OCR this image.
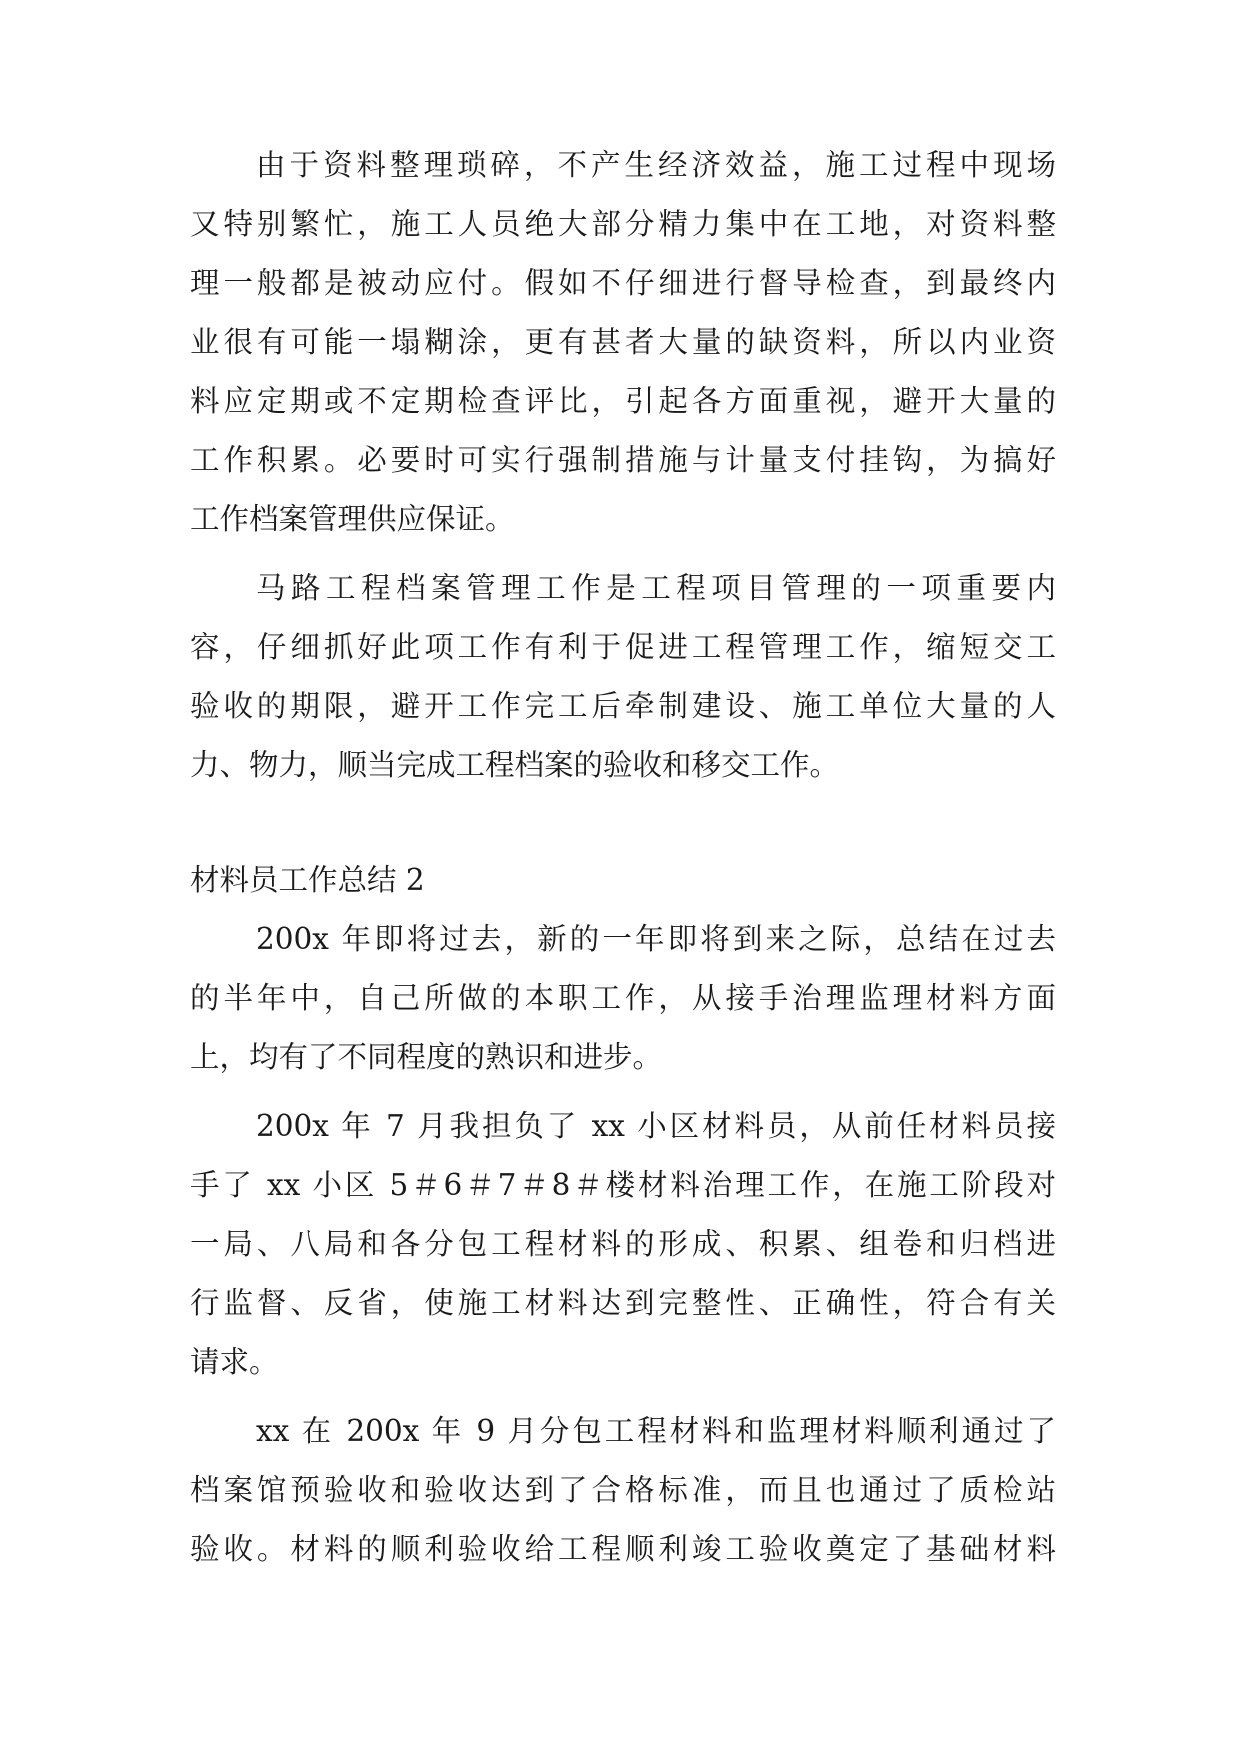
由于资料整理琐碎，不产生经济效益，施工过程中现场
又特别繁忙，施工人员绝大部分精力集中在工地，对资料整
理一般都是被动应付。假如不仔细进行督导检查，到最终内
业很有可能一塌糊涂，更有甚者大量的缺资料，所以内业资
料应定期或不定期检查评比，引起各方面重视，避开大量的
工作积累。必要时可实行强制措施与计量支付挂钩，为搞好
工作档案管理供应保证。
马路工程档案管理工作是工程项目管理的一项重要内
容，仔细抓好此项工作有利于促进工程管理工作，缩短交工
验收的期限，避开工作完工后牵制建设、施工单位大量的人
力、物力，顺当完成工程档案的验收和移交工作。
材料员工作总结 2
200x 年即将过去，新的一年即将到来之际，总结在过去
的半年中，自己所做的本职工作，从接手治理监理材料方面
上，均有了不同程度的熟识和进步。
200x 年 7 月我担负了 xx 小区材料员，从前任材料员接
手了 xx 小区 5＃6＃7＃8＃楼材料治理工作，在施工阶段对
一局、八局和各分包工程材料的形成、积累、组卷和归档进
行监督、反省，使施工材料达到完整性、正确性，符合有关
请求。
xx 在 200x 年 9 月分包工程材料和监理材料顺利通过了
档案馆预验收和验收达到了合格标准，而且也通过了质检站
验收。材料的顺利验收给工程顺利竣工验收奠定了基础材料
